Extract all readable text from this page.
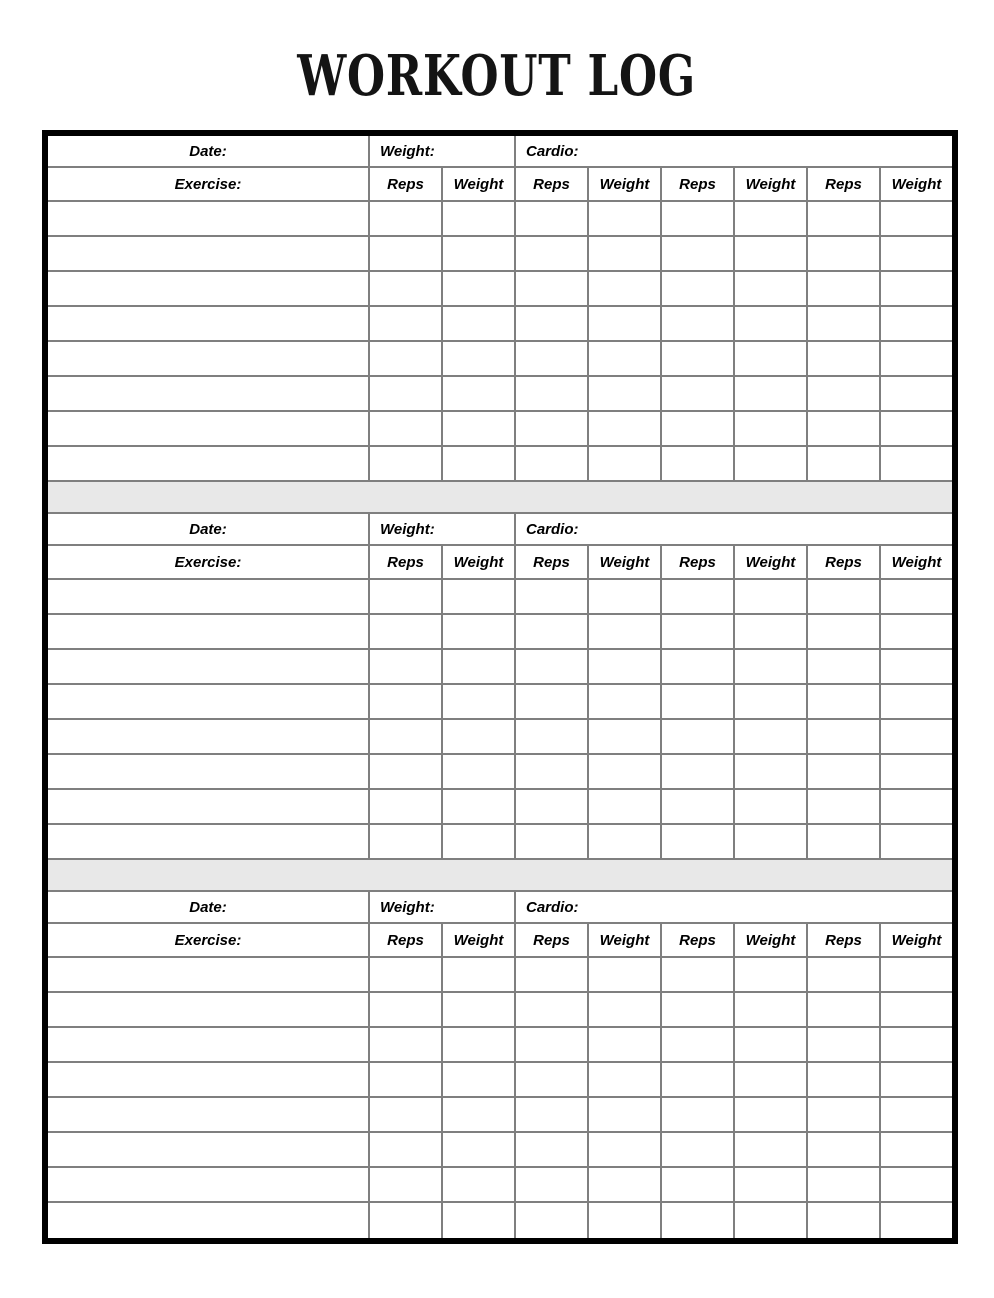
WORKOUT LOG
Date:	Weight:	Cardio:
Exercise:	Reps Weight Reps Weight Reps Weight Reps Weight
Date:	Weight:	Cardio:
Exercise:	Reps Weight Reps Weight Reps Weight Reps Weight
Date:	Weight:	Cardio:
Exercise:	Reps Weight Reps Weight Reps Weight Reps Weight
